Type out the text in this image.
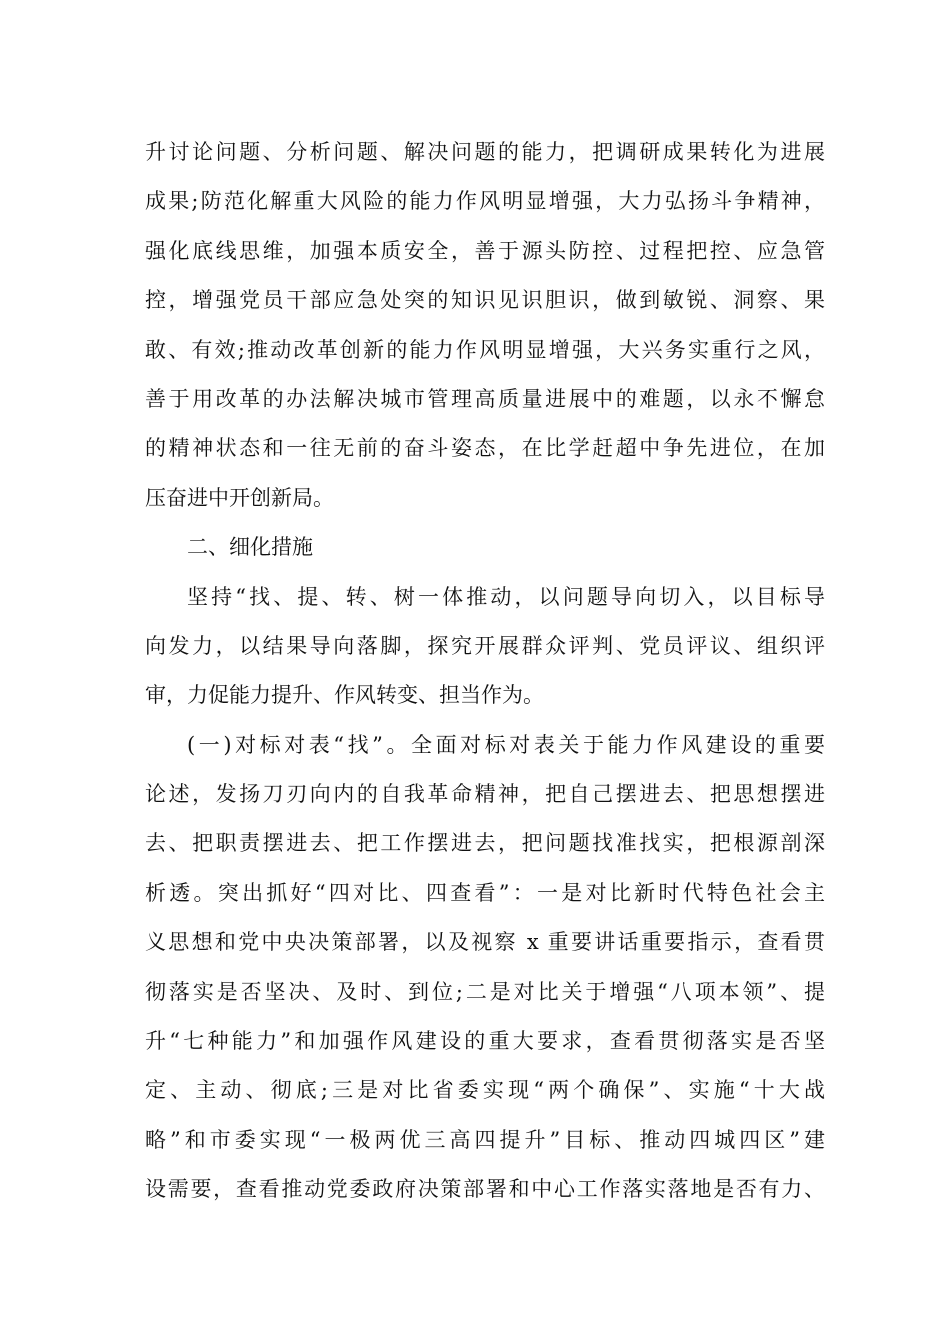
升讨论问题、分析问题、解决问题的能力，把调研成果转化为进展
成果;防范化解重大风险的能力作风明显增强，大力弘扬斗争精神，
强化底线思维，加强本质安全，善于源头防控、过程把控、应急管
控，增强党员干部应急处突的知识见识胆识，做到敏锐、洞察、果
敢、有效;推动改革创新的能力作风明显增强，大兴务实重行之风，
善于用改革的办法解决城市管理高质量进展中的难题，以永不懈怠
的精神状态和一往无前的奋斗姿态，在比学赶超中争先进位，在加
压奋进中开创新局。
二、细化措施
坚持“找、提、转、树一体推动，以问题导向切入，以目标导
向发力，以结果导向落脚，探究开展群众评判、党员评议、组织评
审，力促能力提升、作风转变、担当作为。
(一)对标对表“找”。全面对标对表关于能力作风建设的重要
论述，发扬刀刃向内的自我革命精神，把自己摆进去、把思想摆进
去、把职责摆进去、把工作摆进去，把问题找准找实，把根源剖深
析透。突出抓好“四对比、四查看”：一是对比新时代特色社会主
义思想和党中央决策部署，以及视察 x 重要讲话重要指示，查看贯
彻落实是否坚决、及时、到位;二是对比关于增强“八项本领”、提
升“七种能力”和加强作风建设的重大要求，查看贯彻落实是否坚
定、主动、彻底;三是对比省委实现“两个确保”、实施“十大战
略”和市委实现“一极两优三高四提升”目标、推动四城四区”建
设需要，查看推动党委政府决策部署和中心工作落实落地是否有力、
